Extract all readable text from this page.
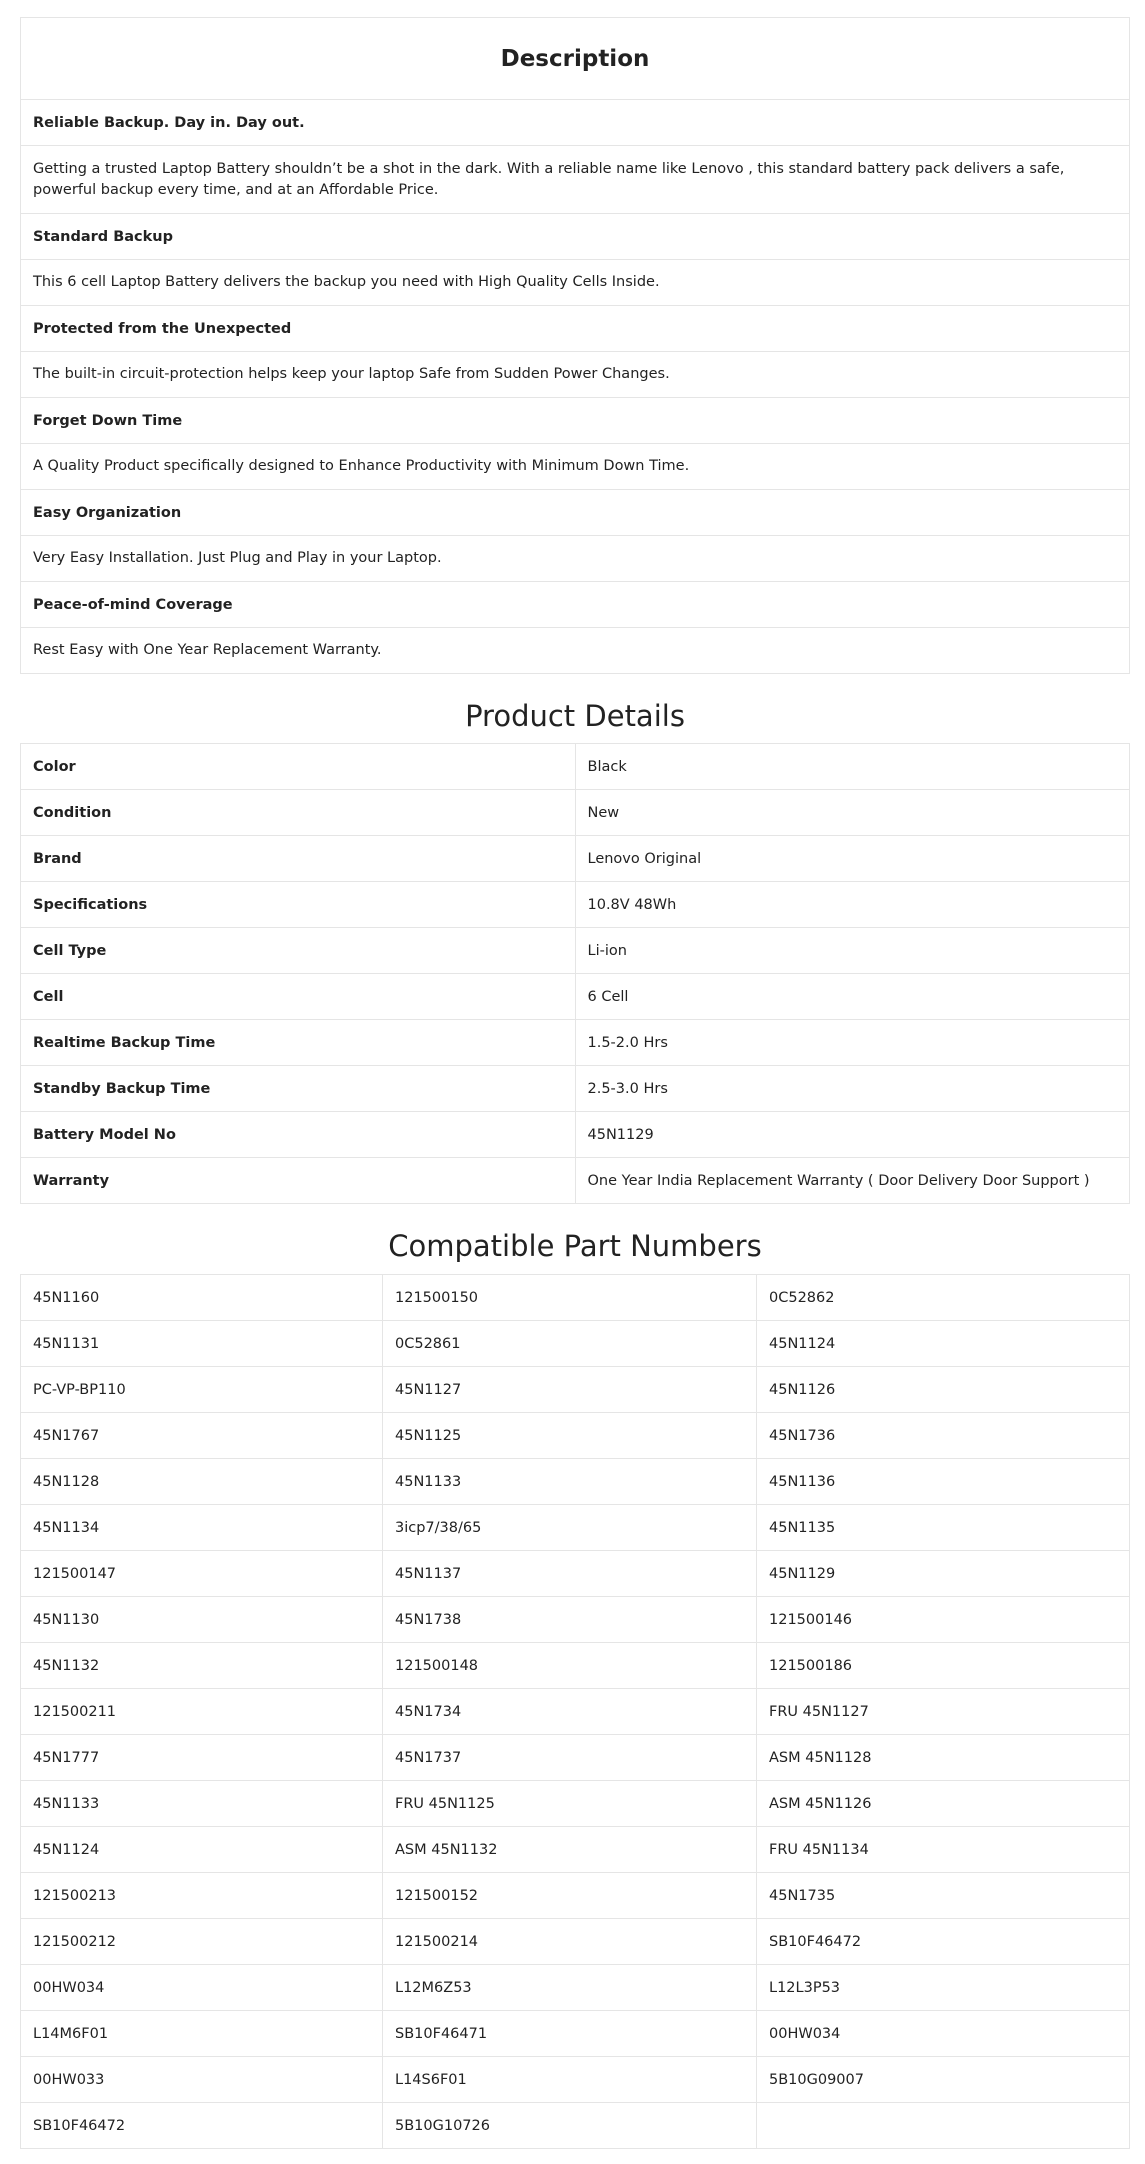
Description
Reliable Backup. Day in. Day out.
Getting a trusted Laptop Battery shouldn’t be a shot in the dark. With a reliable name like Lenovo , this standard battery pack delivers a safe, powerful backup every time, and at an Affordable Price.
Standard Backup
This 6 cell Laptop Battery delivers the backup you need with High Quality Cells Inside.
Protected from the Unexpected
The built-in circuit-protection helps keep your laptop Safe from Sudden Power Changes.
Forget Down Time
A Quality Product specifically designed to Enhance Productivity with Minimum Down Time.
Easy Organization
Very Easy Installation. Just Plug and Play in your Laptop.
Peace-of-mind Coverage
Rest Easy with One Year Replacement Warranty.
Product Details
Color	Black
Condition	New
Brand	Lenovo Original
Specifications	10.8V 48Wh
Cell Type	Li-ion
Cell	6 Cell
Realtime Backup Time	1.5-2.0 Hrs
Standby Backup Time	2.5-3.0 Hrs
Battery Model No	45N1129
Warranty	One Year India Replacement Warranty ( Door Delivery Door Support )
Compatible Part Numbers
45N1160	121500150	0C52862
45N1131	0C52861	45N1124
PC-VP-BP110	45N1127	45N1126
45N1767	45N1125	45N1736
45N1128	45N1133	45N1136
45N1134	3icp7/38/65	45N1135
121500147	45N1137	45N1129
45N1130	45N1738	121500146
45N1132	121500148	121500186
121500211	45N1734	FRU 45N1127
45N1777	45N1737	ASM 45N1128
45N1133	FRU 45N1125	ASM 45N1126
45N1124	ASM 45N1132	FRU 45N1134
121500213	121500152	45N1735
121500212	121500214	SB10F46472
00HW034	L12M6Z53	L12L3P53
L14M6F01	SB10F46471	00HW034
00HW033	L14S6F01	5B10G09007
SB10F46472	5B10G10726	
